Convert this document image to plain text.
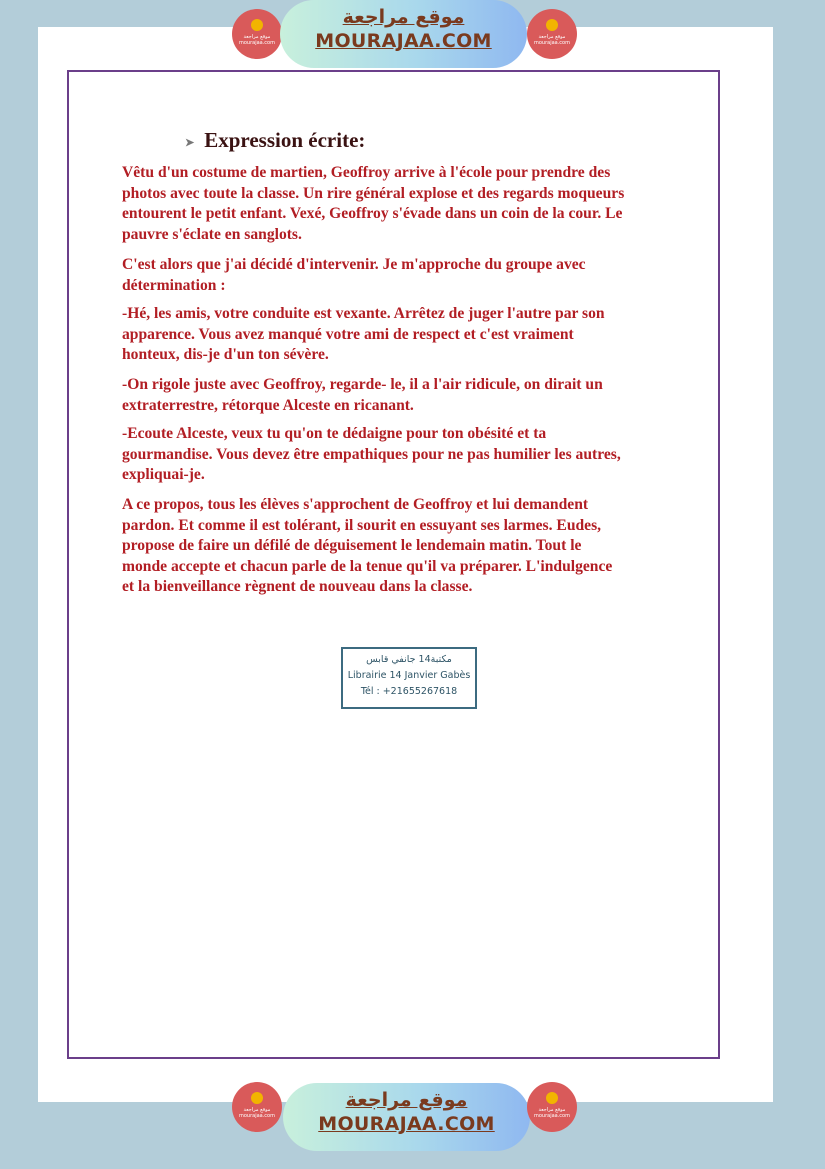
موقع مراجعة mourajaa.com
موقع مراجعة
MOURAJAA.COM	موقع مراجعة mourajaa.com
➤ Expression écrite:
Vêtu d'un costume de martien, Geoffroy arrive à l'école pour prendre des
photos avec toute la classe. Un rire général explose et des regards moqueurs
entourent le petit enfant. Vexé, Geoffroy s'évade dans un coin de la cour. Le
pauvre s'éclate en sanglots.
C'est alors que j'ai décidé d'intervenir. Je m'approche du groupe avec
détermination :
-Hé, les amis, votre conduite est vexante. Arrêtez de juger l'autre par son
apparence. Vous avez manqué votre ami de respect et c'est vraiment
honteux, dis-je d'un ton sévère.
-On rigole juste avec Geoffroy, regarde- le, il a l'air ridicule, on dirait un
extraterrestre, rétorque Alceste en ricanant.
-Ecoute Alceste, veux tu qu'on te dédaigne pour ton obésité et ta
gourmandise. Vous devez être empathiques pour ne pas humilier les autres,
expliquai-je.
A ce propos, tous les élèves s'approchent de Geoffroy et lui demandent
pardon. Et comme il est tolérant, il sourit en essuyant ses larmes. Eudes,
propose de faire un défilé de déguisement le lendemain matin. Tout le
monde accepte et chacun parle de la tenue qu'il va préparer. L'indulgence
et la bienveillance règnent de nouveau dans la classe.
مكتبة14 جانفي قابس
Librairie 14 Janvier Gabès
Tél : +21655267618
موقع مراجعة mourajaa.com
موقع مراجعة
MOURAJAA.COM
موقع مراجعة mourajaa.com
